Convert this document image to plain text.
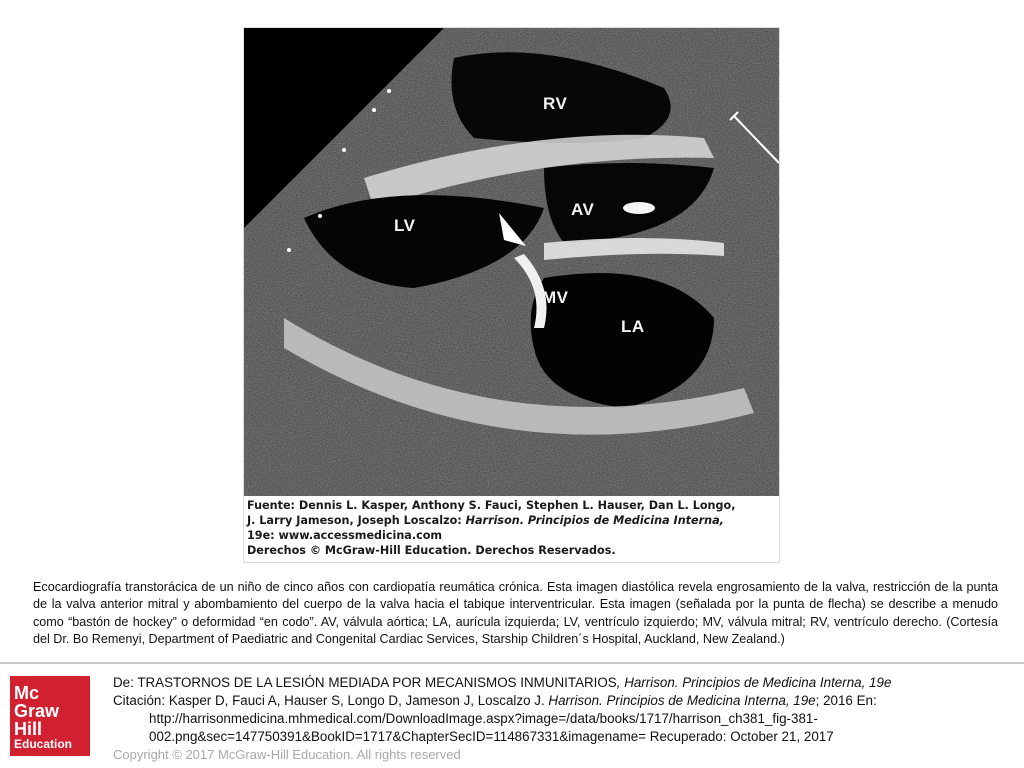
RV
AV
LV
MV
LA
Fuente: Dennis L. Kasper, Anthony S. Fauci, Stephen L. Hauser, Dan L. Longo,
J. Larry Jameson, Joseph Loscalzo: Harrison. Principios de Medicina Interna,
19e: www.accessmedicina.com
Derechos © McGraw-Hill Education. Derechos Reservados.
Ecocardiografía transtorácica de un niño de cinco años con cardiopatía reumática crónica. Esta imagen diastólica revela engrosamiento de la valva, restricción de la punta de la valva anterior mitral y abombamiento del cuerpo de la valva hacia el tabique interventricular. Esta imagen (señalada por la punta de flecha) se describe a menudo como “bastón de hockey” o deformidad “en codo”. AV, válvula aórtica; LA, aurícula izquierda; LV, ventrículo izquierdo; MV, válvula mitral; RV, ventrículo derecho. (Cortesía del Dr. Bo Remenyi, Department of Paediatric and Congenital Cardiac Services, Starship Children´s Hospital, Auckland, New Zealand.)
Mc
Graw
Hill
Education
De: TRASTORNOS DE LA LESIÓN MEDIADA POR MECANISMOS INMUNITARIOS, Harrison. Principios de Medicina Interna, 19e
Citación: Kasper D, Fauci A, Hauser S, Longo D, Jameson J, Loscalzo J. Harrison. Principios de Medicina Interna, 19e; 2016 En:
http://harrisonmedicina.mhmedical.com/DownloadImage.aspx?image=/data/books/1717/harrison_ch381_fig-381-
002.png&sec=147750391&BookID=1717&ChapterSecID=114867331&imagename= Recuperado: October 21, 2017
Copyright © 2017 McGraw-Hill Education. All rights reserved
